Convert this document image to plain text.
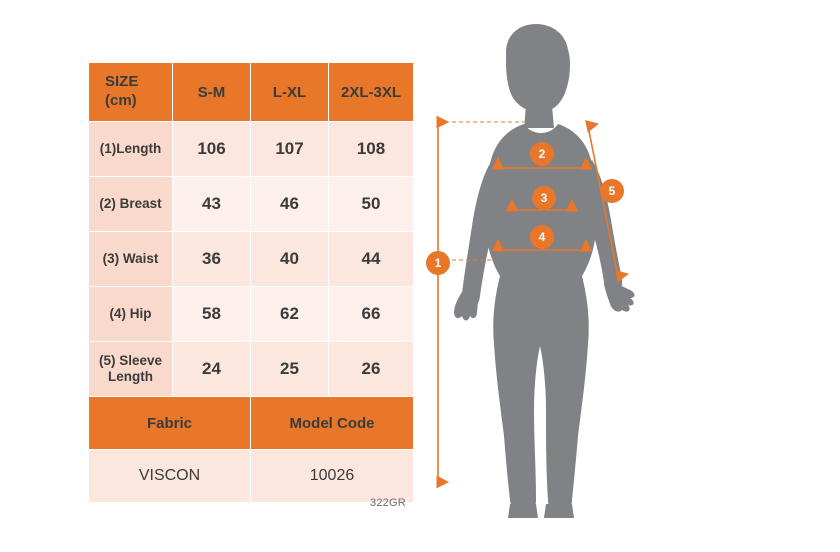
SIZE
(cm)	S-M	L-XL	2XL-3XL
(1)Length	106	107	108
(2) Breast	43	46	50
(3) Waist	36	40	44
(4) Hip	58	62	66
(5) Sleeve Length	24	25	26
Fabric		Model Code	
VISCON		10026	
322GR
1
2
3
4
5
